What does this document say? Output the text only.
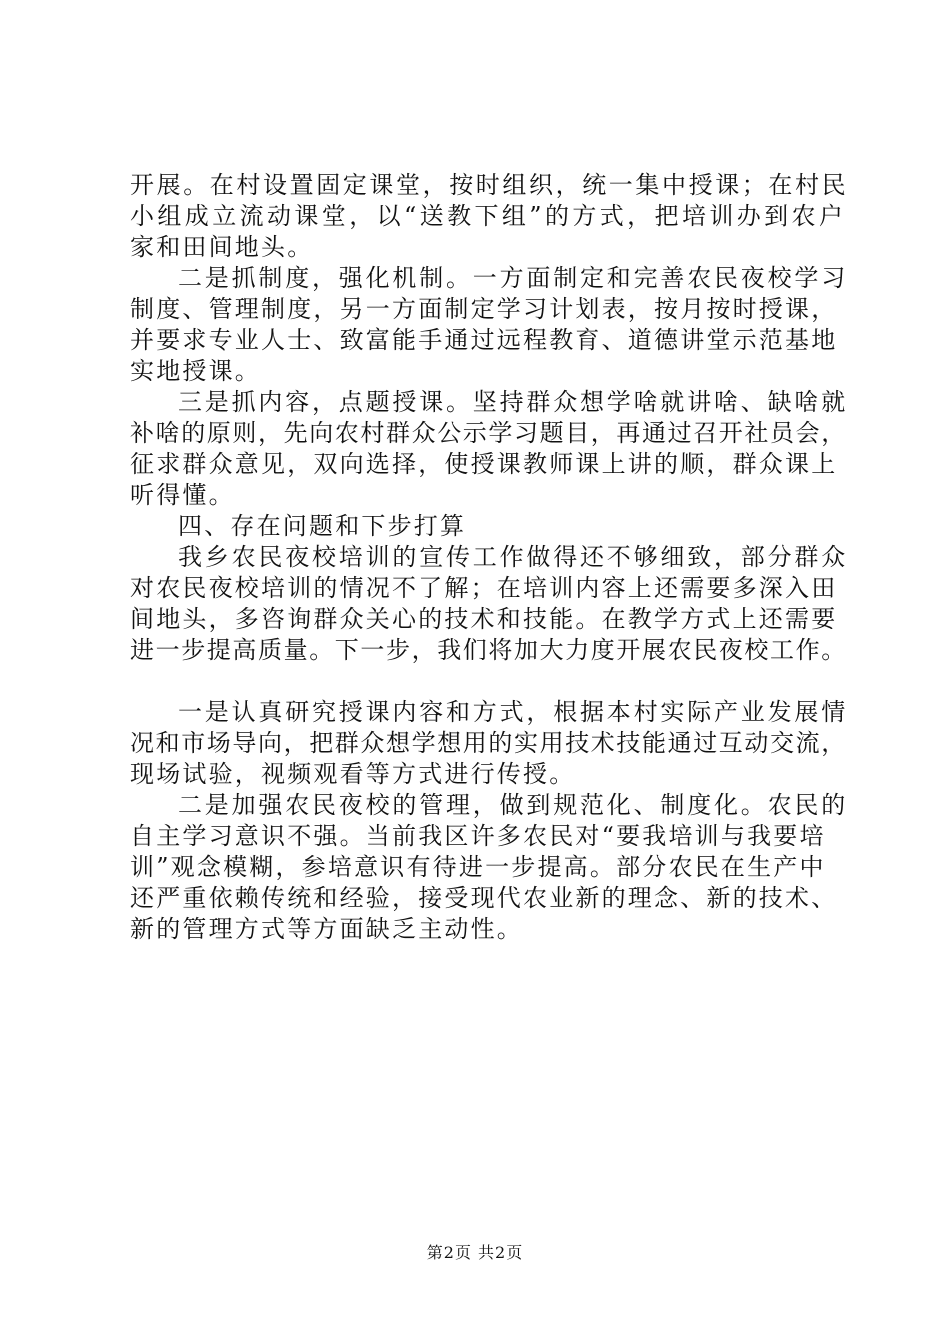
开展。在村设置固定课堂，按时组织，统一集中授课；在村民
小组成立流动课堂，以“送教下组”的方式，把培训办到农户
家和田间地头。
二是抓制度，强化机制。一方面制定和完善农民夜校学习
制度、管理制度，另一方面制定学习计划表，按月按时授课，
并要求专业人士、致富能手通过远程教育、道德讲堂示范基地
实地授课。
三是抓内容，点题授课。坚持群众想学啥就讲啥、缺啥就
补啥的原则，先向农村群众公示学习题目，再通过召开社员会，
征求群众意见，双向选择，使授课教师课上讲的顺，群众课上
听得懂。
四、存在问题和下步打算
我乡农民夜校培训的宣传工作做得还不够细致，部分群众
对农民夜校培训的情况不了解；在培训内容上还需要多深入田
间地头，多咨询群众关心的技术和技能。在教学方式上还需要
进一步提高质量。下一步，我们将加大力度开展农民夜校工作。
一是认真研究授课内容和方式，根据本村实际产业发展情
况和市场导向，把群众想学想用的实用技术技能通过互动交流，
现场试验，视频观看等方式进行传授。
二是加强农民夜校的管理，做到规范化、制度化。农民的
自主学习意识不强。当前我区许多农民对“要我培训与我要培
训”观念模糊，参培意识有待进一步提高。部分农民在生产中
还严重依赖传统和经验，接受现代农业新的理念、新的技术、
新的管理方式等方面缺乏主动性。
第2页 共2页
